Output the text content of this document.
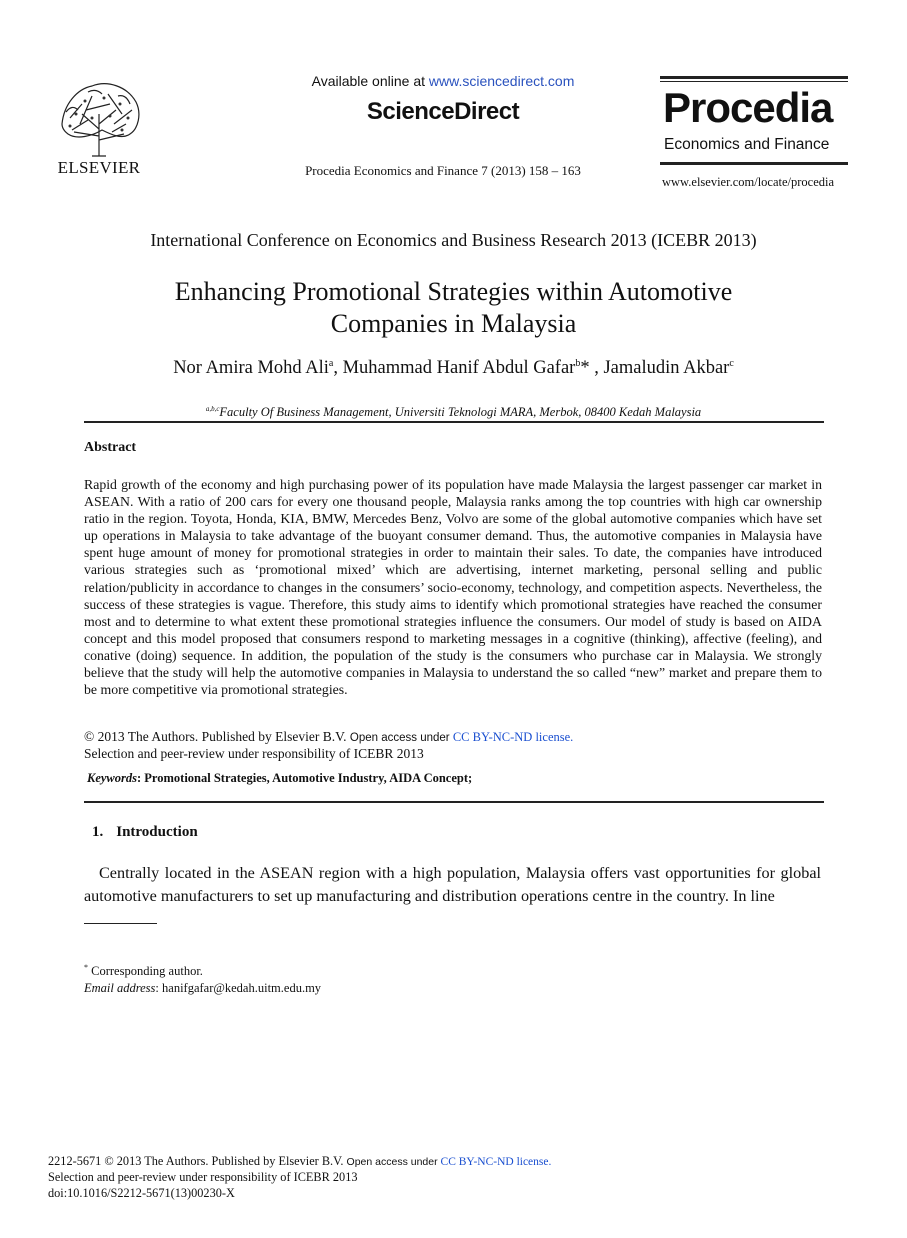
ELSEVIER
Available online at www.sciencedirect.com
ScienceDirect
Procedia Economics and Finance 7 (2013) 158 – 163
Procedia
Economics and Finance
www.elsevier.com/locate/procedia
International Conference on Economics and Business Research 2013 (ICEBR 2013)
Enhancing Promotional Strategies within Automotive
Companies in Malaysia
Nor Amira Mohd Ali$^a$, Muhammad Hanif Abdul Gafar$^b$* , Jamaludin Akbar$^c$
$^{a,b,c}$Faculty Of Business Management, Universiti Teknologi MARA, Merbok, 08400 Kedah Malaysia
Abstract
Rapid growth of the economy and high purchasing power of its population have made Malaysia the largest passenger car market in ASEAN. With a ratio of 200 cars for every one thousand people, Malaysia ranks among the top countries with high car ownership ratio in the region. Toyota, Honda, KIA, BMW, Mercedes Benz, Volvo are some of the global automotive companies which have set up operations in Malaysia to take advantage of the buoyant consumer demand. Thus, the automotive companies in Malaysia have spent huge amount of money for promotional strategies in order to maintain their sales. To date, the companies have introduced various strategies such as ‘promotional mixed’ which are advertising, internet marketing, personal selling and public relation/publicity in accordance to changes in the consumers’ socio-economy, technology, and competition aspects. Nevertheless, the success of these strategies is vague. Therefore, this study aims to identify which promotional strategies have reached the consumer most and to determine to what extent these promotional strategies influence the consumers. Our model of study is based on AIDA concept and this model proposed that consumers respond to marketing messages in a cognitive (thinking), affective (feeling), and conative (doing) sequence. In addition, the population of the study is the consumers who purchase car in Malaysia. We strongly believe that the study will help the automotive companies in Malaysia to understand the so called “new” market and prepare them to be more competitive via promotional strategies.
© 2013 The Authors. Published by Elsevier B.V. Open access under CC BY-NC-ND license.
Selection and peer-review under responsibility of ICEBR 2013
Keywords: Promotional Strategies, Automotive Industry, AIDA Concept;
1. Introduction
Centrally located in the ASEAN region with a high population, Malaysia offers vast opportunities for global automotive manufacturers to set up manufacturing and distribution operations centre in the country. In line
* Corresponding author.
Email address: hanifgafar@kedah.uitm.edu.my
2212-5671 © 2013 The Authors. Published by Elsevier B.V. Open access under CC BY-NC-ND license.
Selection and peer-review under responsibility of ICEBR 2013
doi:10.1016/S2212-5671(13)00230-X
